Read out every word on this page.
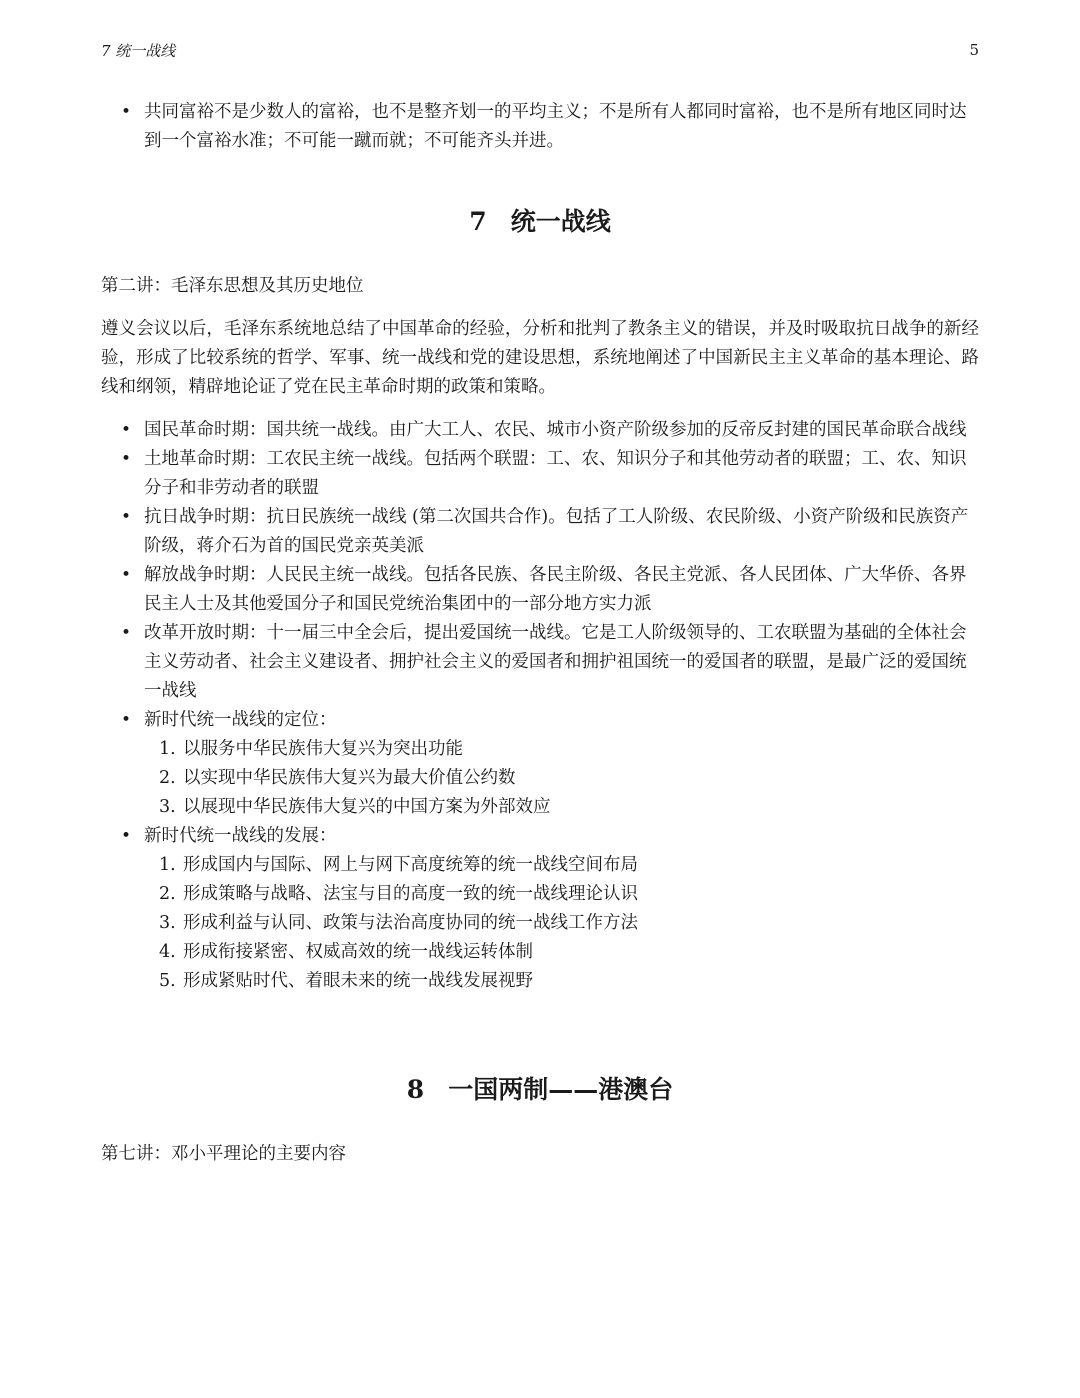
7 统一战线	5
• 共同富裕不是少数人的富裕，也不是整齐划一的平均主义；不是所有人都同时富裕，也不是所有地区同时达到一个富裕水准；不可能一蹴而就；不可能齐头并进。
7 统一战线
第二讲：毛泽东思想及其历史地位
遵义会议以后，毛泽东系统地总结了中国革命的经验，分析和批判了教条主义的错误，并及时吸取抗日战争的新经验，形成了比较系统的哲学、军事、统一战线和党的建设思想，系统地阐述了中国新民主主义革命的基本理论、路线和纲领，精辟地论证了党在民主革命时期的政策和策略。
• 国民革命时期：国共统一战线。由广大工人、农民、城市小资产阶级参加的反帝反封建的国民革命联合战线
• 土地革命时期：工农民主统一战线。包括两个联盟：工、农、知识分子和其他劳动者的联盟；工、农、知识分子和非劳动者的联盟
• 抗日战争时期：抗日民族统一战线 (第二次国共合作)。包括了工人阶级、农民阶级、小资产阶级和民族资产阶级，蒋介石为首的国民党亲英美派
• 解放战争时期：人民民主统一战线。包括各民族、各民主阶级、各民主党派、各人民团体、广大华侨、各界民主人士及其他爱国分子和国民党统治集团中的一部分地方实力派
• 改革开放时期：十一届三中全会后，提出爱国统一战线。它是工人阶级领导的、工农联盟为基础的全体社会主义劳动者、社会主义建设者、拥护社会主义的爱国者和拥护祖国统一的爱国者的联盟，是最广泛的爱国统一战线
• 新时代统一战线的定位：
1. 以服务中华民族伟大复兴为突出功能
2. 以实现中华民族伟大复兴为最大价值公约数
3. 以展现中华民族伟大复兴的中国方案为外部效应
• 新时代统一战线的发展：
1. 形成国内与国际、网上与网下高度统筹的统一战线空间布局
2. 形成策略与战略、法宝与目的高度一致的统一战线理论认识
3. 形成利益与认同、政策与法治高度协同的统一战线工作方法
4. 形成衔接紧密、权威高效的统一战线运转体制
5. 形成紧贴时代、着眼未来的统一战线发展视野
8 一国两制——港澳台
第七讲：邓小平理论的主要内容
